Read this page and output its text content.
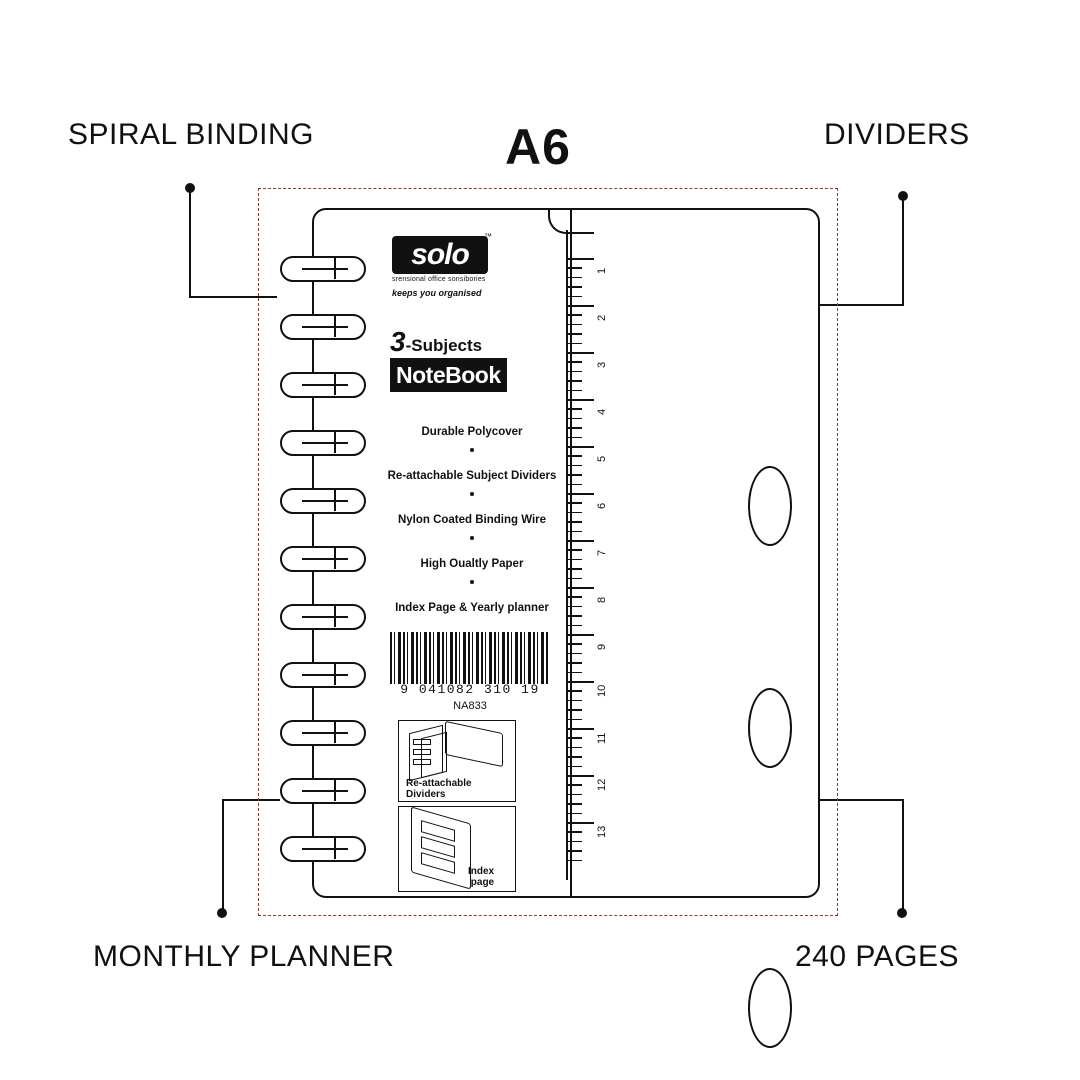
SPIRAL BINDING	DIVIDERS
MONTHLY PLANNER	240 PAGES
A6
1
2
3
4
5
6
7
8
9
10
11
12
13
solo
™
srensional office sonsibories
keeps you organised
3-Subjects
NoteBook
Durable Polycover
Re-attachable Subject Dividers
Nylon Coated Binding Wire
High Oualtly Paper
Index Page & Yearly planner
9 041082 310 19
NA833
Re-attachable
Dividers
Index
page
